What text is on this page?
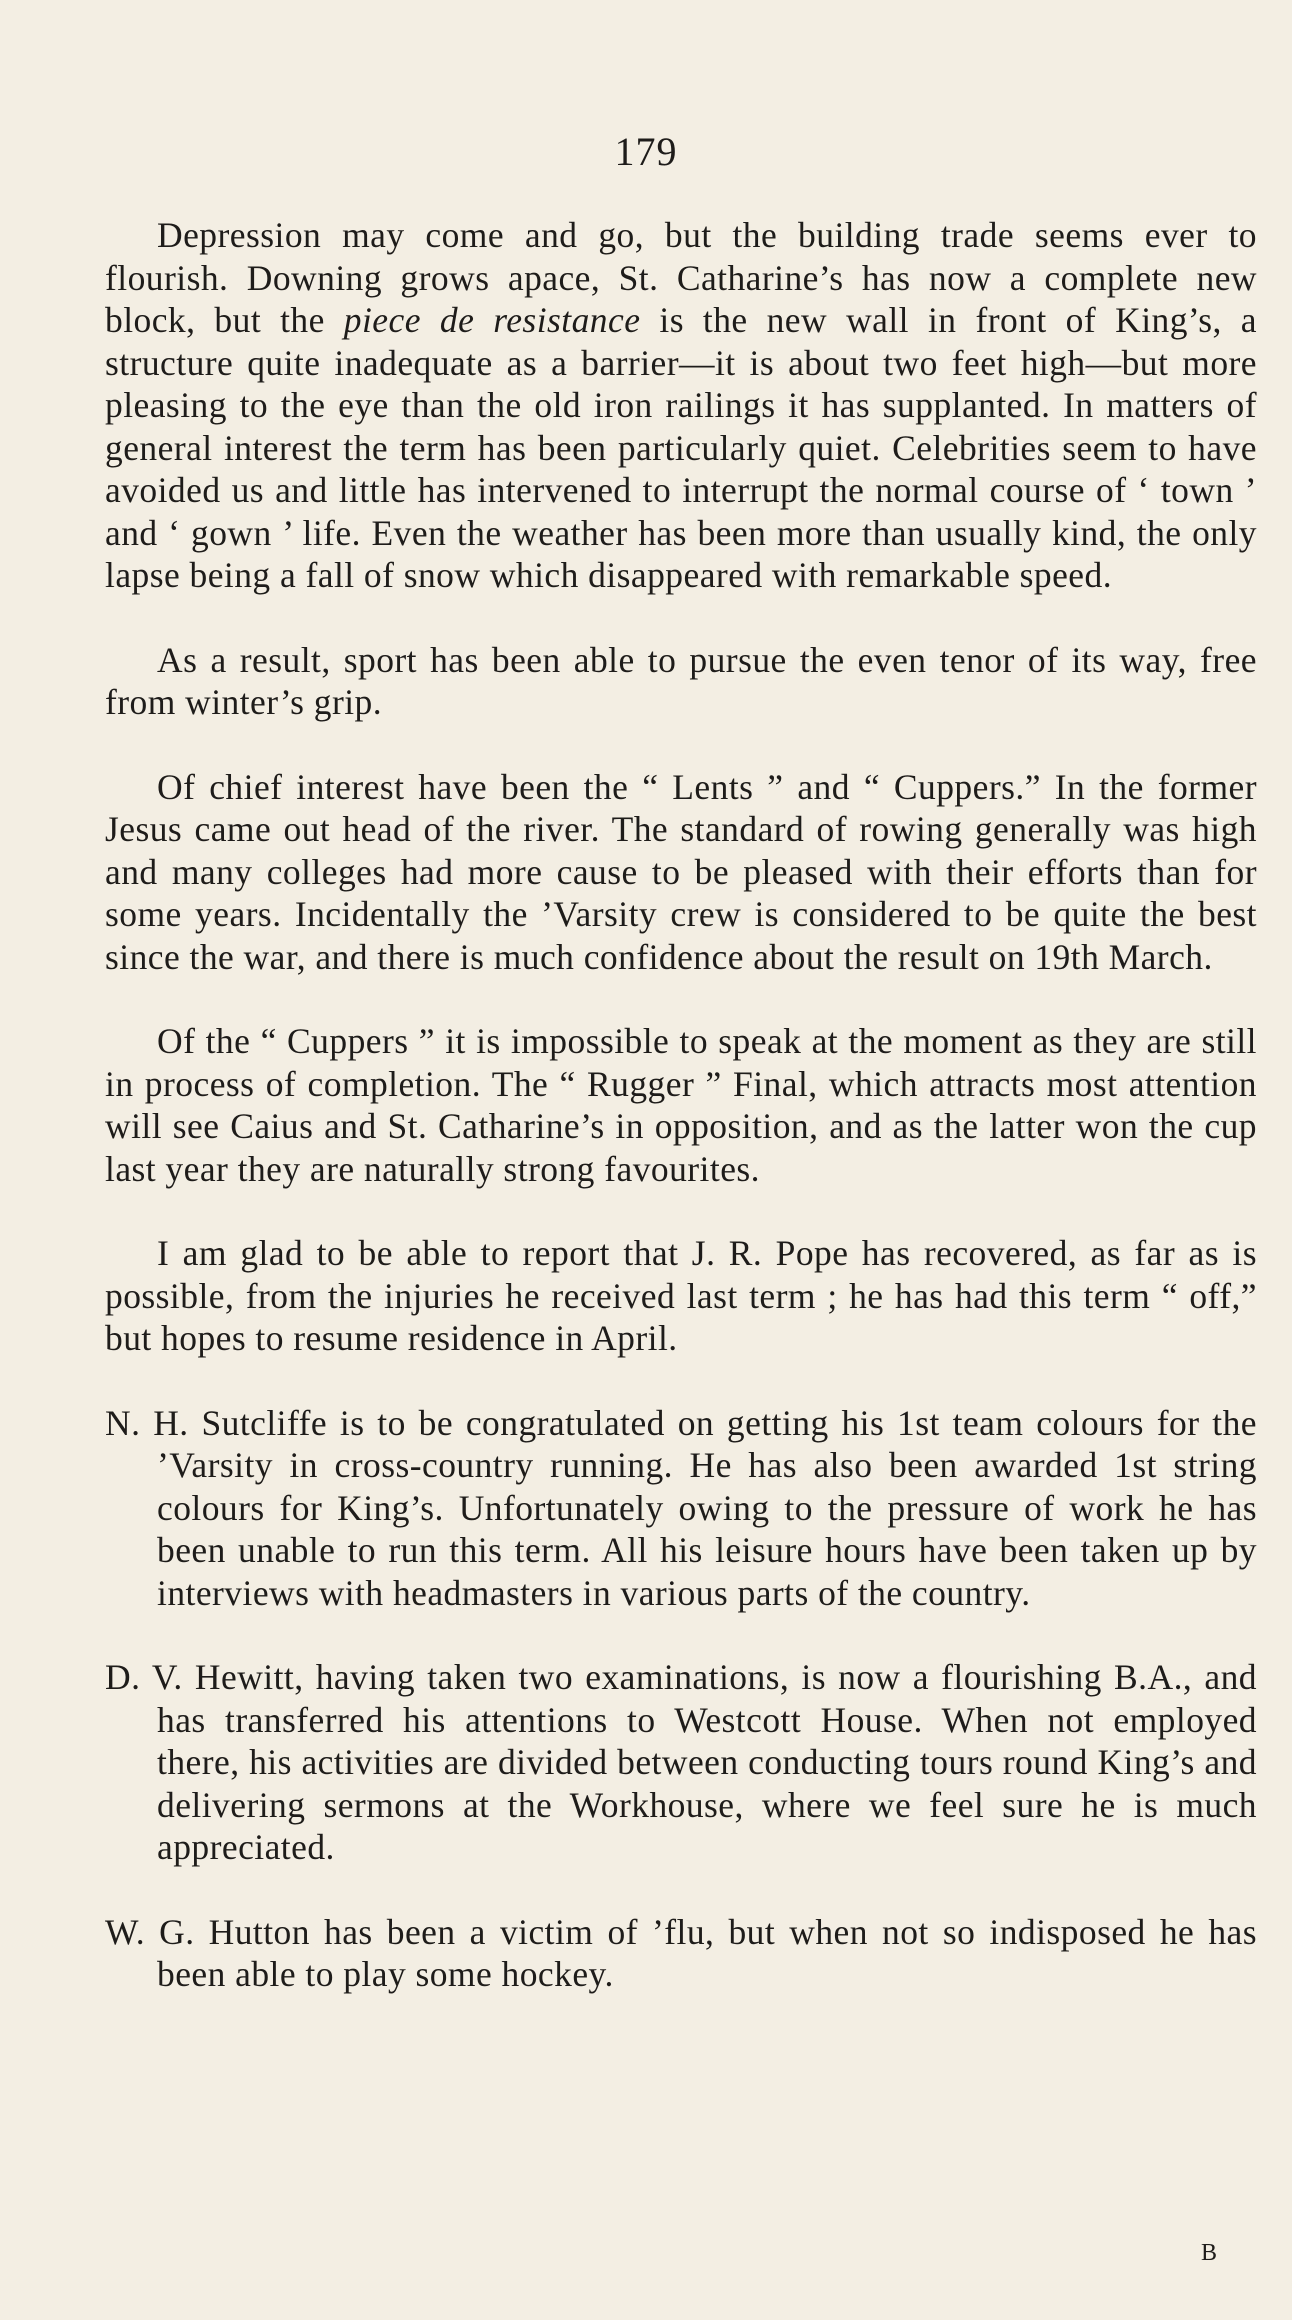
179

Depression may come and go, but the building trade seems ever to flourish. Downing grows apace, St. Catharine’s has now a complete new block, but the piece de resistance is the new wall in front of King’s, a structure quite inadequate as a barrier—it is about two feet high—but more pleasing to the eye than the old iron railings it has supplanted. In matters of general interest the term has been particularly quiet. Celebrities seem to have avoided us and little has intervened to interrupt the normal course of ‘ town ’ and ‘ gown ’ life. Even the weather has been more than usually kind, the only lapse being a fall of snow which disappeared with remarkable speed.

As a result, sport has been able to pursue the even tenor of its way, free from winter’s grip.

Of chief interest have been the “ Lents ” and “ Cuppers.” In the former Jesus came out head of the river. The standard of rowing generally was high and many colleges had more cause to be pleased with their efforts than for some years. Incidentally the ’Varsity crew is considered to be quite the best since the war, and there is much confidence about the result on 19th March.

Of the “ Cuppers ” it is impossible to speak at the moment as they are still in process of completion. The “ Rugger ” Final, which attracts most attention will see Caius and St. Catharine’s in opposition, and as the latter won the cup last year they are naturally strong favourites.

I am glad to be able to report that J. R. Pope has recovered, as far as is possible, from the injuries he received last term ; he has had this term “ off,” but hopes to resume residence in April.

N. H. Sutcliffe is to be congratulated on getting his 1st team colours for the ’Varsity in cross-country running. He has also been awarded 1st string colours for King’s. Unfortunately owing to the pressure of work he has been unable to run this term. All his leisure hours have been taken up by interviews with headmasters in various parts of the country.

D. V. Hewitt, having taken two examinations, is now a flourishing B.A., and has transferred his attentions to Westcott House. When not employed there, his activities are divided between conducting tours round King’s and delivering sermons at the Workhouse, where we feel sure he is much appreciated.

W. G. Hutton has been a victim of ’flu, but when not so indisposed he has been able to play some hockey.

B
